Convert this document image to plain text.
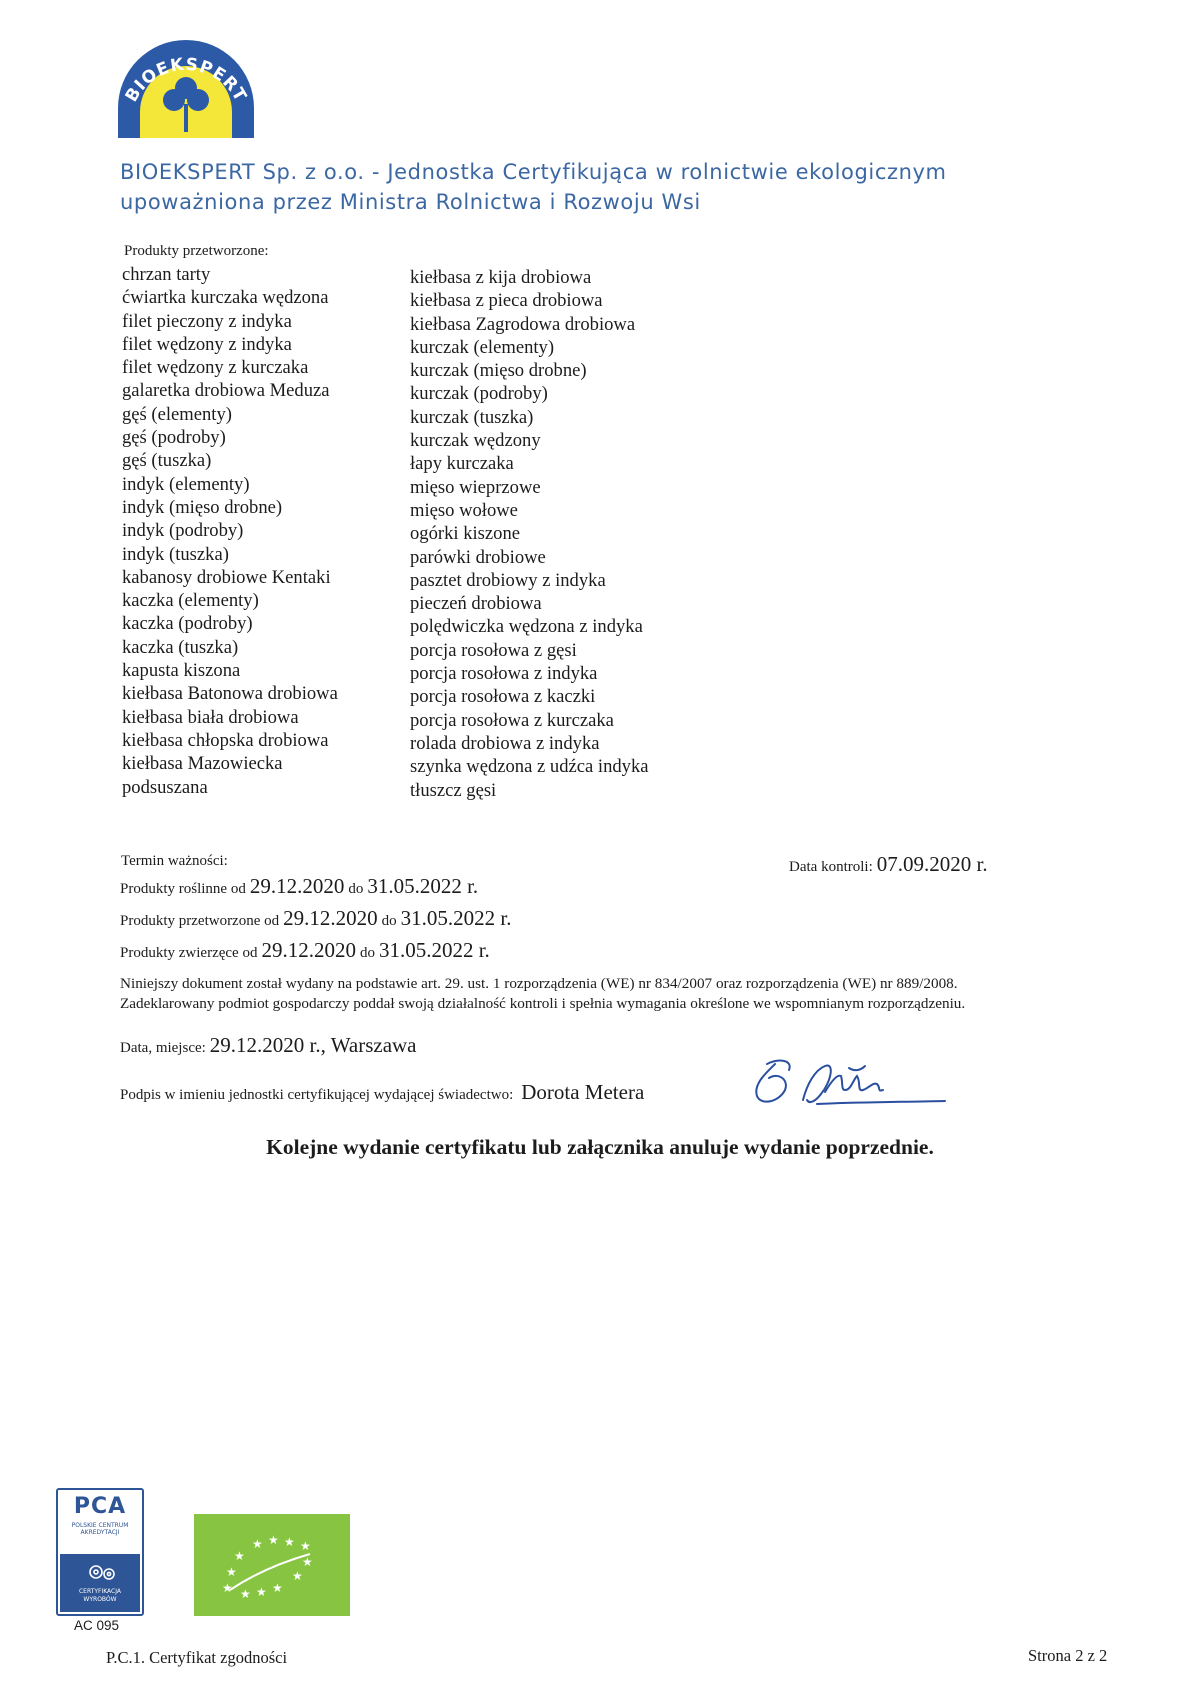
BIOEKSPERT
BIOEKSPERT Sp. z o.o. - Jednostka Certyfikująca w rolnictwie ekologicznym
upoważniona przez Ministra Rolnictwa i Rozwoju Wsi
Produkty przetworzone:
chrzan tarty
ćwiartka kurczaka wędzona
filet pieczony z indyka
filet wędzony z indyka
filet wędzony z kurczaka
galaretka drobiowa Meduza
gęś (elementy)
gęś (podroby)
gęś (tuszka)
indyk (elementy)
indyk (mięso drobne)
indyk (podroby)
indyk (tuszka)
kabanosy drobiowe Kentaki
kaczka (elementy)
kaczka (podroby)
kaczka (tuszka)
kapusta kiszona
kiełbasa Batonowa drobiowa
kiełbasa biała drobiowa
kiełbasa chłopska drobiowa
kiełbasa Mazowiecka
podsuszana
kiełbasa z kija drobiowa
kiełbasa z pieca drobiowa
kiełbasa Zagrodowa drobiowa
kurczak (elementy)
kurczak (mięso drobne)
kurczak (podroby)
kurczak (tuszka)
kurczak wędzony
łapy kurczaka
mięso wieprzowe
mięso wołowe
ogórki kiszone
parówki drobiowe
pasztet drobiowy z indyka
pieczeń drobiowa
polędwiczka wędzona z indyka
porcja rosołowa z gęsi
porcja rosołowa z indyka
porcja rosołowa z kaczki
porcja rosołowa z kurczaka
rolada drobiowa z indyka
szynka wędzona z udźca indyka
tłuszcz gęsi
Termin ważności:
Produkty roślinne od 29.12.2020 do 31.05.2022 r.
Produkty przetworzone od 29.12.2020 do 31.05.2022 r.
Produkty zwierzęce od 29.12.2020 do 31.05.2022 r.
Data kontroli: 07.09.2020 r.
Niniejszy dokument został wydany na podstawie art. 29. ust. 1 rozporządzenia (WE) nr 834/2007 oraz rozporządzenia (WE) nr 889/2008.
Zadeklarowany podmiot gospodarczy poddał swoją działalność kontroli i spełnia wymagania określone we wspomnianym rozporządzeniu.
Data, miejsce: 29.12.2020 r., Warszawa
Podpis w imieniu jednostki certyfikującej wydającej świadectwo: Dorota Metera
Kolejne wydanie certyfikatu lub załącznika anuluje wydanie poprzednie.
PCA
POLSKIE CENTRUM
AKREDYTACJI
CERTYFIKACJA
WYROBÓW
AC 095
★ ★ ★ ★
★
★
★
★
★ ★ ★ ★
P.C.1. Certyfikat zgodności	Strona 2 z 2
